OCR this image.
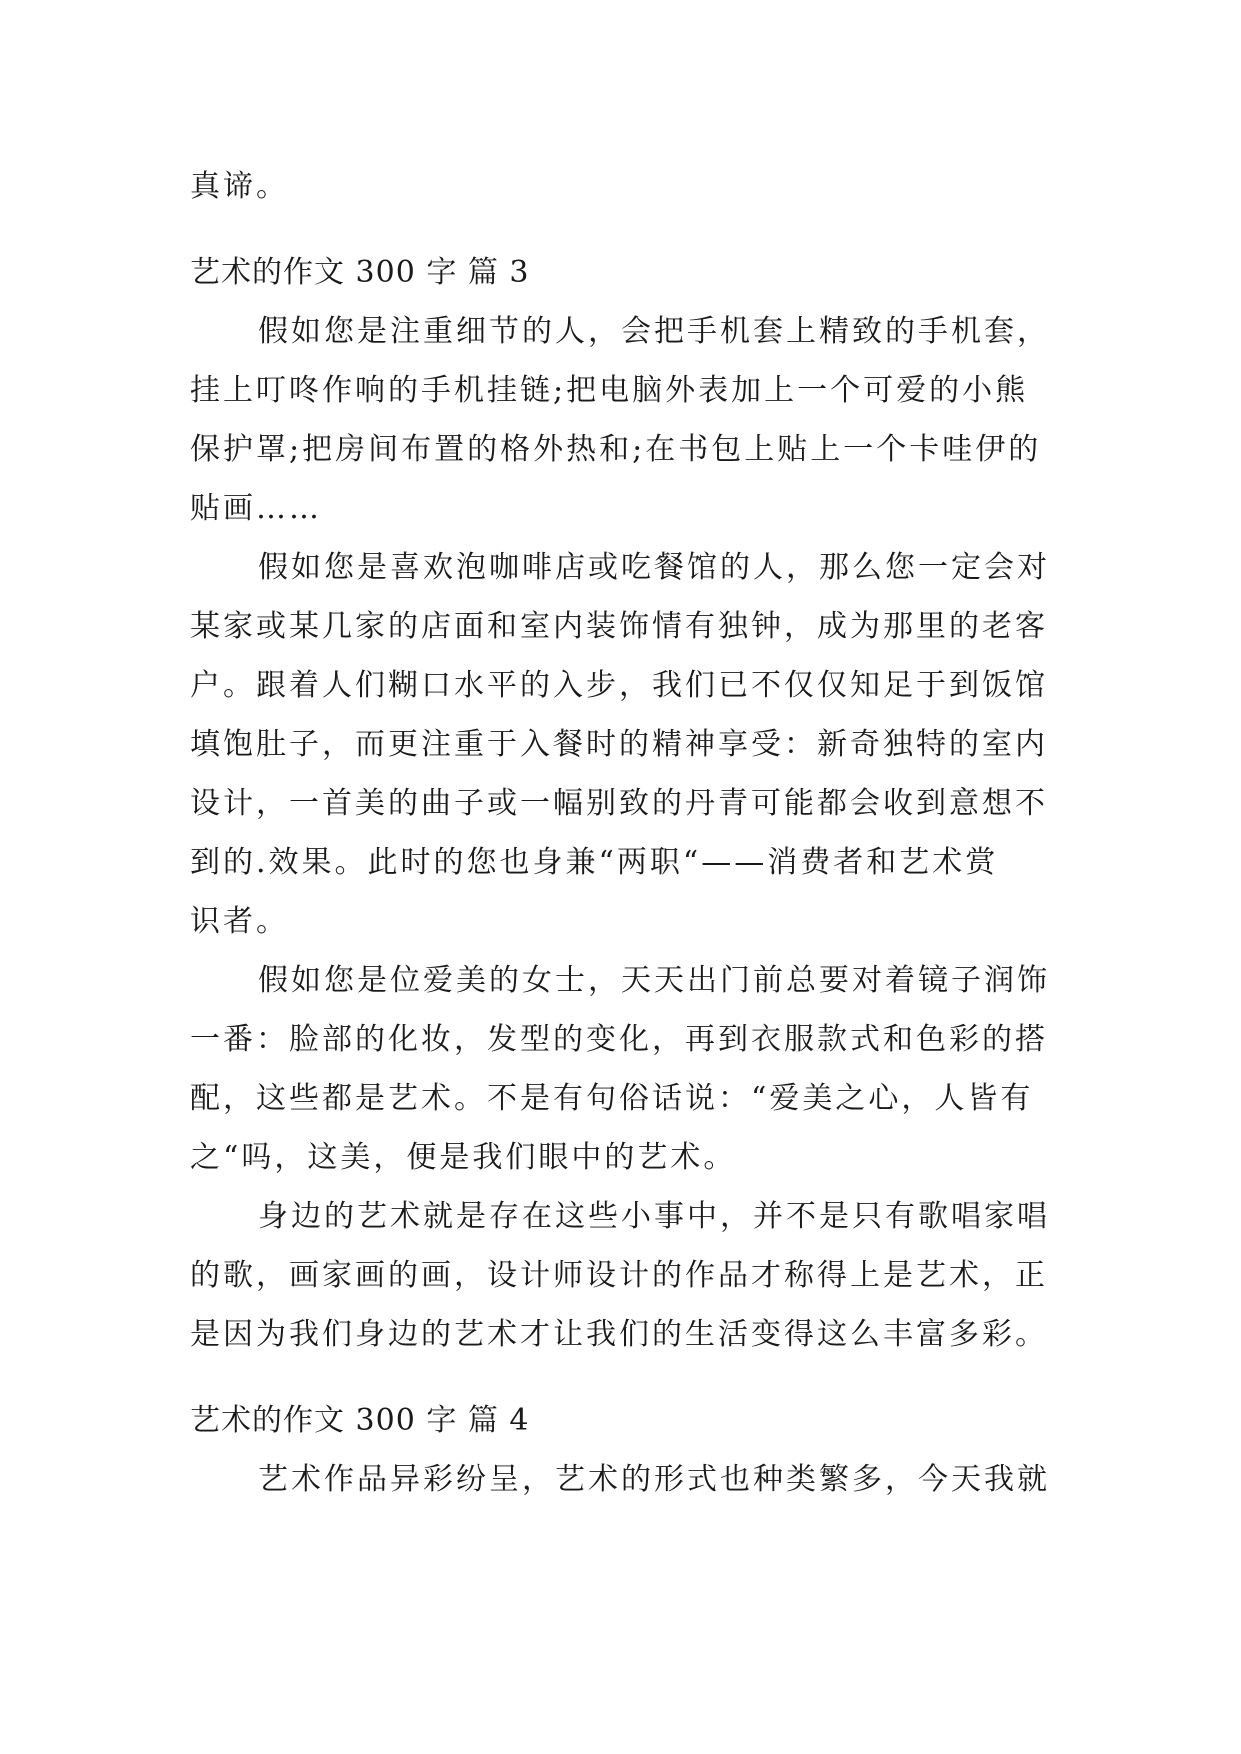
真谛。
艺术的作文 300 字 篇 3
假如您是注重细节的人，会把手机套上精致的手机套，
挂上叮咚作响的手机挂链;把电脑外表加上一个可爱的小熊
保护罩;把房间布置的格外热和;在书包上贴上一个卡哇伊的
贴画……
假如您是喜欢泡咖啡店或吃餐馆的人，那么您一定会对
某家或某几家的店面和室内装饰情有独钟，成为那里的老客
户。跟着人们糊口水平的入步，我们已不仅仅知足于到饭馆
填饱肚子，而更注重于入餐时的精神享受：新奇独特的室内
设计，一首美的曲子或一幅别致的丹青可能都会收到意想不
到的.效果。此时的您也身兼“两职“——消费者和艺术赏
识者。
假如您是位爱美的女士，天天出门前总要对着镜子润饰
一番：脸部的化妆，发型的变化，再到衣服款式和色彩的搭
配，这些都是艺术。不是有句俗话说：“爱美之心，人皆有
之“吗，这美，便是我们眼中的艺术。
身边的艺术就是存在这些小事中，并不是只有歌唱家唱
的歌，画家画的画，设计师设计的作品才称得上是艺术，正
是因为我们身边的艺术才让我们的生活变得这么丰富多彩。
艺术的作文 300 字 篇 4
艺术作品异彩纷呈，艺术的形式也种类繁多，今天我就
